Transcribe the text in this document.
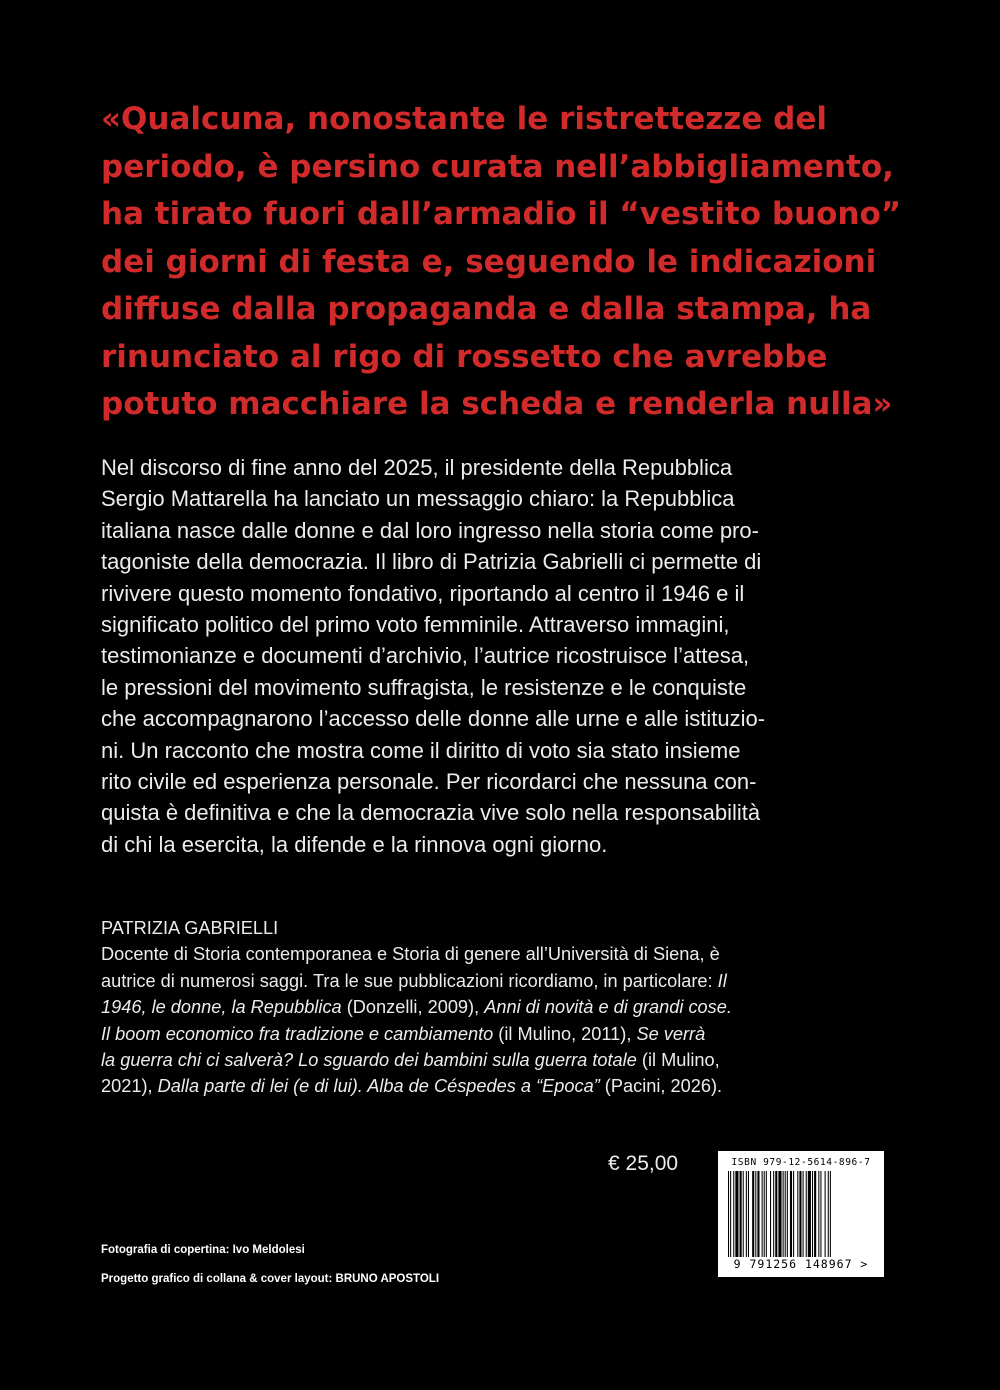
«Qualcuna, nonostante le ristrettezze del
periodo, è persino curata nell’abbigliamento,
ha tirato fuori dall’armadio il “vestito buono”
dei giorni di festa e, seguendo le indicazioni
diffuse dalla propaganda e dalla stampa, ha
rinunciato al rigo di rossetto che avrebbe
potuto macchiare la scheda e renderla nulla»
Nel discorso di fine anno del 2025, il presidente della Repubblica
Sergio Mattarella ha lanciato un messaggio chiaro: la Repubblica
italiana nasce dalle donne e dal loro ingresso nella storia come pro-
tagoniste della democrazia. Il libro di Patrizia Gabrielli ci permette di
rivivere questo momento fondativo, riportando al centro il 1946 e il
significato politico del primo voto femminile. Attraverso immagini,
testimonianze e documenti d’archivio, l’autrice ricostruisce l’attesa,
le pressioni del movimento suffragista, le resistenze e le conquiste
che accompagnarono l’accesso delle donne alle urne e alle istituzio-
ni. Un racconto che mostra come il diritto di voto sia stato insieme
rito civile ed esperienza personale. Per ricordarci che nessuna con-
quista è definitiva e che la democrazia vive solo nella responsabilità
di chi la esercita, la difende e la rinnova ogni giorno.
PATRIZIA GABRIELLI
Docente di Storia contemporanea e Storia di genere all’Università di Siena, è
autrice di numerosi saggi. Tra le sue pubblicazioni ricordiamo, in particolare: Il
1946, le donne, la Repubblica (Donzelli, 2009), Anni di novità e di grandi cose.
Il boom economico fra tradizione e cambiamento (il Mulino, 2011), Se verrà
la guerra chi ci salverà? Lo sguardo dei bambini sulla guerra totale (il Mulino,
2021), Dalla parte di lei (e di lui). Alba de Céspedes a “Epoca” (Pacini, 2026).
€ 25,00	ISBN 979-12-5614-896-7
9 791256 148967 >
Fotografia di copertina: Ivo Meldolesi
Progetto grafico di collana & cover layout: BRUNO APOSTOLI
